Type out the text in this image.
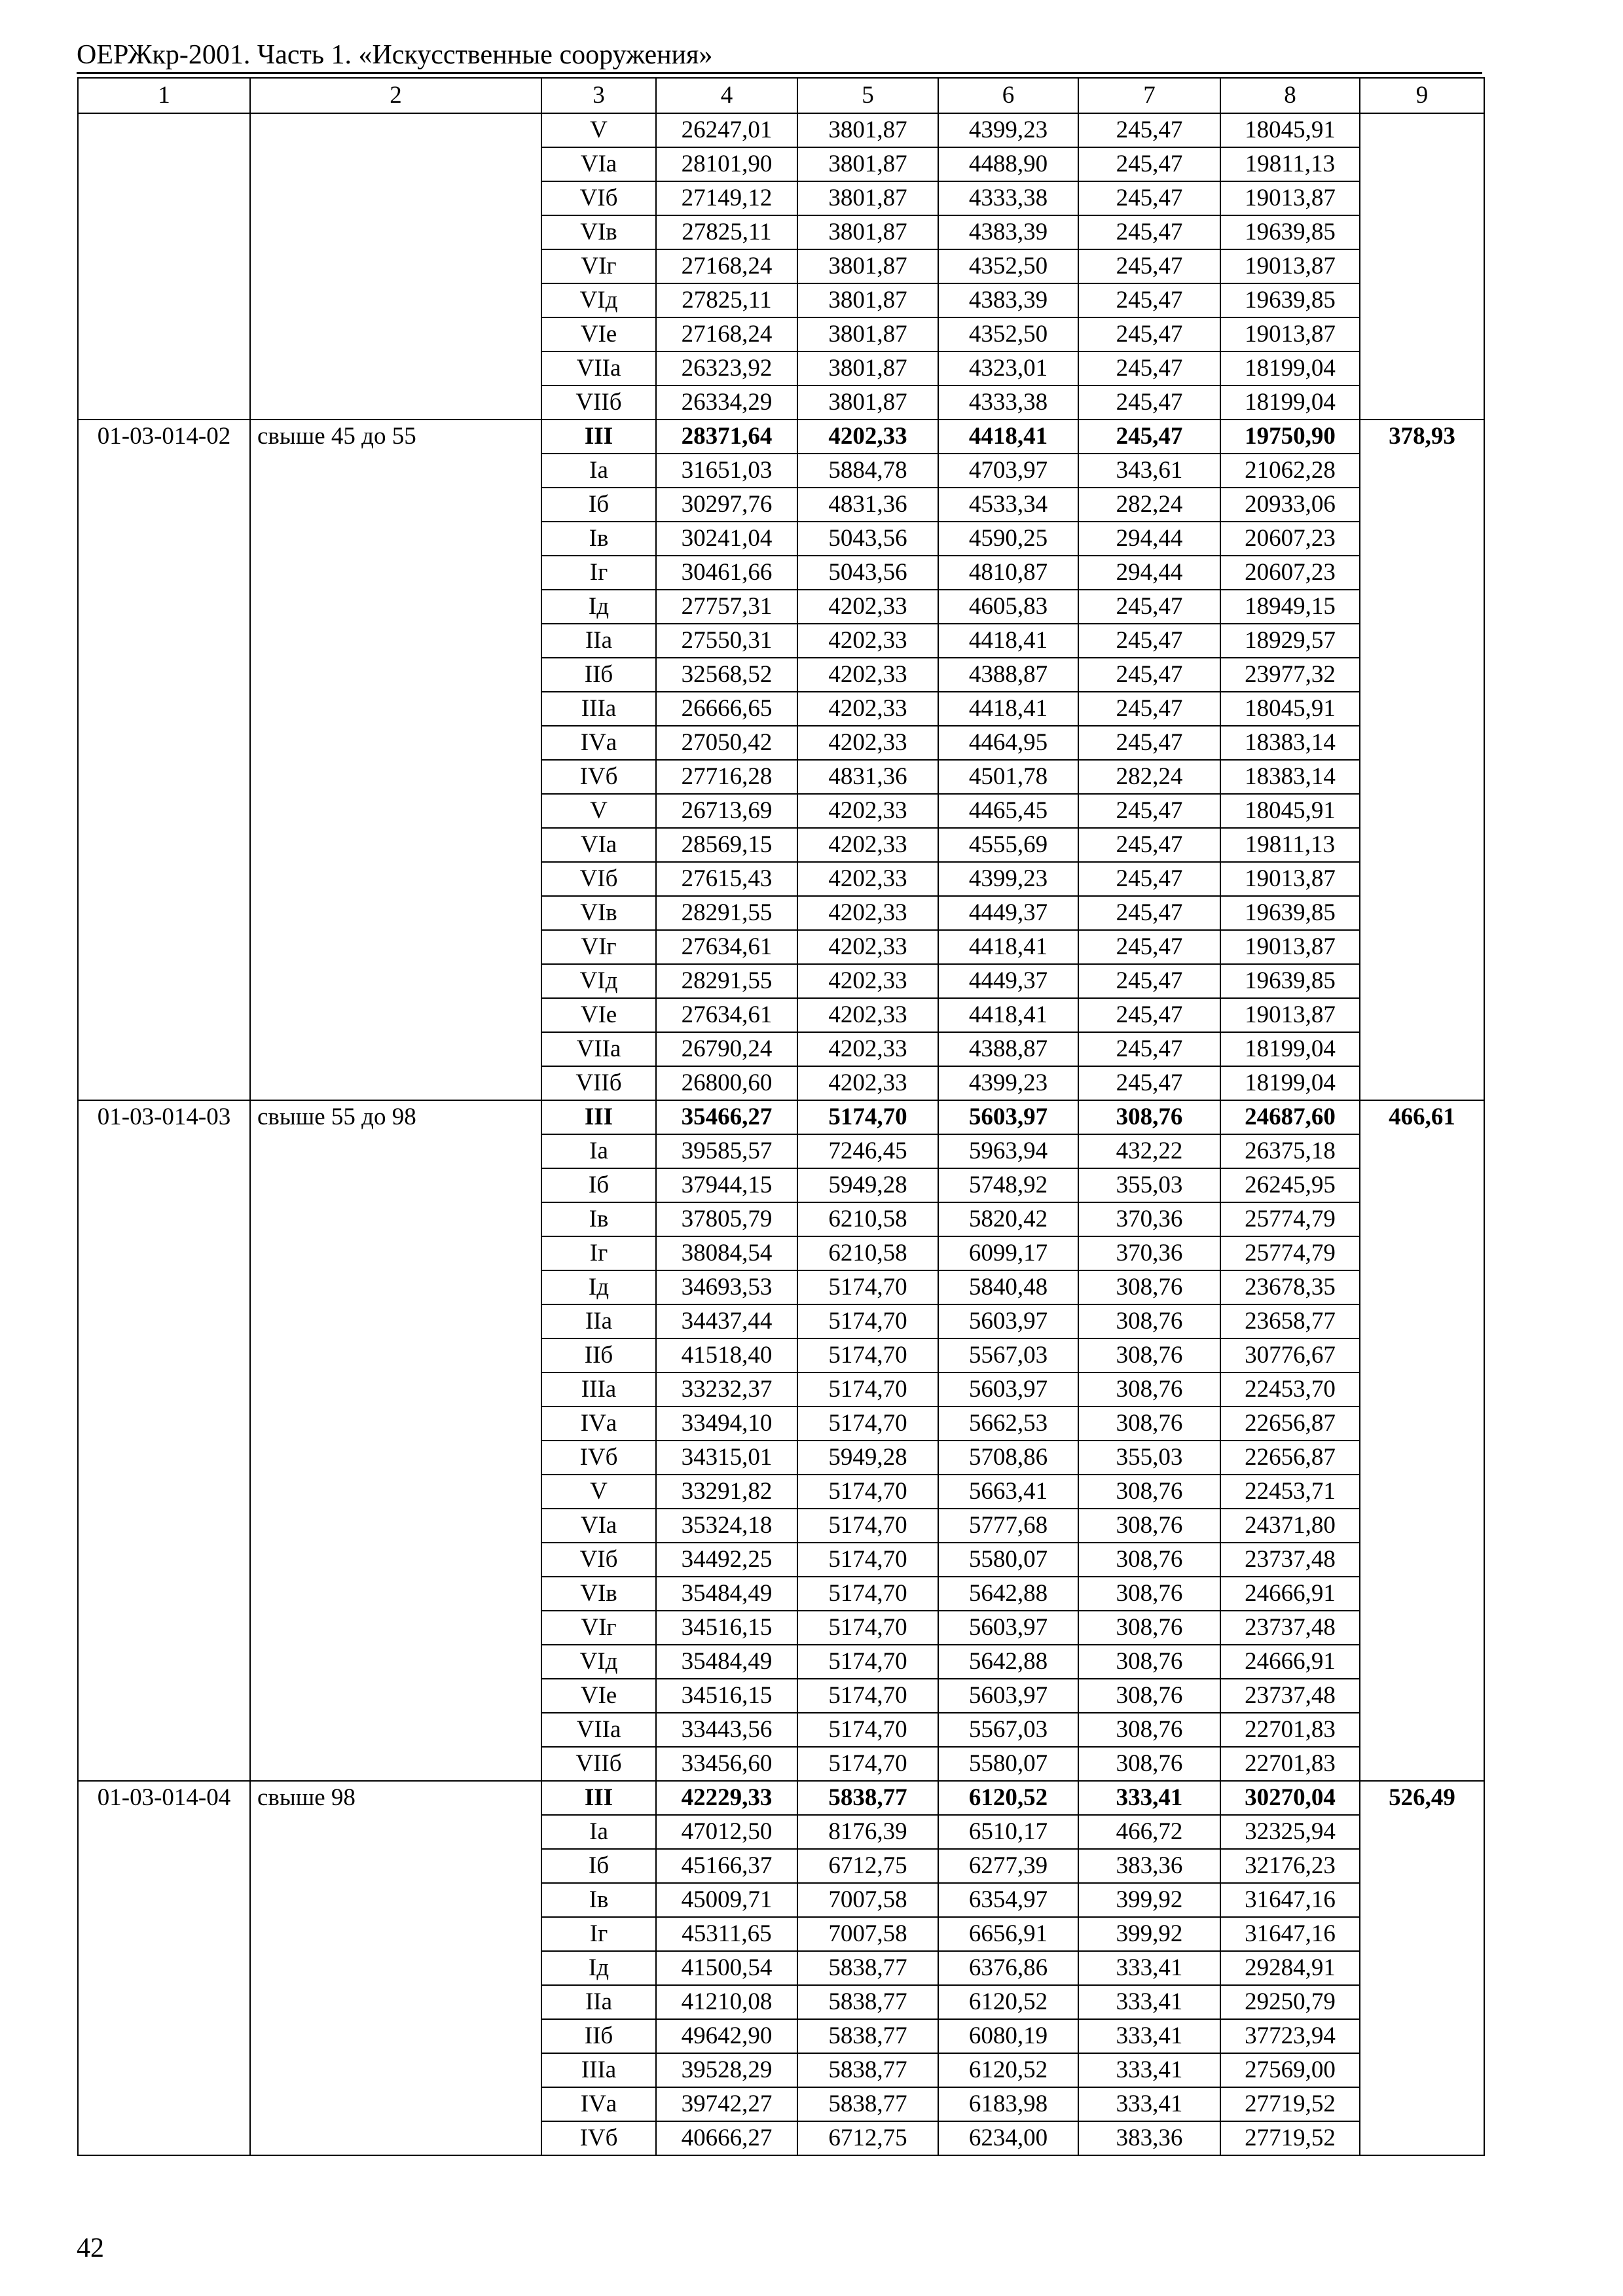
ОЕРЖкр-2001. Часть 1. «Искусственные сооружения»
1	2	3	4	5	6	7	8	9
		V	26247,01	3801,87	4399,23	245,47	18045,91	
		VIа	28101,90	3801,87	4488,90	245,47	19811,13	
		VIб	27149,12	3801,87	4333,38	245,47	19013,87	
		VIв	27825,11	3801,87	4383,39	245,47	19639,85	
		VIг	27168,24	3801,87	4352,50	245,47	19013,87	
		VIд	27825,11	3801,87	4383,39	245,47	19639,85	
		VIе	27168,24	3801,87	4352,50	245,47	19013,87	
		VIIа	26323,92	3801,87	4323,01	245,47	18199,04	
		VIIб	26334,29	3801,87	4333,38	245,47	18199,04	
01-03-014-02	свыше 45 до 55	III	28371,64	4202,33	4418,41	245,47	19750,90	378,93
		Iа	31651,03	5884,78	4703,97	343,61	21062,28	
		Iб	30297,76	4831,36	4533,34	282,24	20933,06	
		Iв	30241,04	5043,56	4590,25	294,44	20607,23	
		Iг	30461,66	5043,56	4810,87	294,44	20607,23	
		Iд	27757,31	4202,33	4605,83	245,47	18949,15	
		IIа	27550,31	4202,33	4418,41	245,47	18929,57	
		IIб	32568,52	4202,33	4388,87	245,47	23977,32	
		IIIа	26666,65	4202,33	4418,41	245,47	18045,91	
		IVа	27050,42	4202,33	4464,95	245,47	18383,14	
		IVб	27716,28	4831,36	4501,78	282,24	18383,14	
		V	26713,69	4202,33	4465,45	245,47	18045,91	
		VIа	28569,15	4202,33	4555,69	245,47	19811,13	
		VIб	27615,43	4202,33	4399,23	245,47	19013,87	
		VIв	28291,55	4202,33	4449,37	245,47	19639,85	
		VIг	27634,61	4202,33	4418,41	245,47	19013,87	
		VIд	28291,55	4202,33	4449,37	245,47	19639,85	
		VIе	27634,61	4202,33	4418,41	245,47	19013,87	
		VIIа	26790,24	4202,33	4388,87	245,47	18199,04	
		VIIб	26800,60	4202,33	4399,23	245,47	18199,04	
01-03-014-03	свыше 55 до 98	III	35466,27	5174,70	5603,97	308,76	24687,60	466,61
		Iа	39585,57	7246,45	5963,94	432,22	26375,18	
		Iб	37944,15	5949,28	5748,92	355,03	26245,95	
		Iв	37805,79	6210,58	5820,42	370,36	25774,79	
		Iг	38084,54	6210,58	6099,17	370,36	25774,79	
		Iд	34693,53	5174,70	5840,48	308,76	23678,35	
		IIа	34437,44	5174,70	5603,97	308,76	23658,77	
		IIб	41518,40	5174,70	5567,03	308,76	30776,67	
		IIIа	33232,37	5174,70	5603,97	308,76	22453,70	
		IVа	33494,10	5174,70	5662,53	308,76	22656,87	
		IVб	34315,01	5949,28	5708,86	355,03	22656,87	
		V	33291,82	5174,70	5663,41	308,76	22453,71	
		VIа	35324,18	5174,70	5777,68	308,76	24371,80	
		VIб	34492,25	5174,70	5580,07	308,76	23737,48	
		VIв	35484,49	5174,70	5642,88	308,76	24666,91	
		VIг	34516,15	5174,70	5603,97	308,76	23737,48	
		VIд	35484,49	5174,70	5642,88	308,76	24666,91	
		VIе	34516,15	5174,70	5603,97	308,76	23737,48	
		VIIа	33443,56	5174,70	5567,03	308,76	22701,83	
		VIIб	33456,60	5174,70	5580,07	308,76	22701,83	
01-03-014-04	свыше 98	III	42229,33	5838,77	6120,52	333,41	30270,04	526,49
		Iа	47012,50	8176,39	6510,17	466,72	32325,94	
		Iб	45166,37	6712,75	6277,39	383,36	32176,23	
		Iв	45009,71	7007,58	6354,97	399,92	31647,16	
		Iг	45311,65	7007,58	6656,91	399,92	31647,16	
		Iд	41500,54	5838,77	6376,86	333,41	29284,91	
		IIа	41210,08	5838,77	6120,52	333,41	29250,79	
		IIб	49642,90	5838,77	6080,19	333,41	37723,94	
		IIIа	39528,29	5838,77	6120,52	333,41	27569,00	
		IVа	39742,27	5838,77	6183,98	333,41	27719,52	
		IVб	40666,27	6712,75	6234,00	383,36	27719,52	
42
